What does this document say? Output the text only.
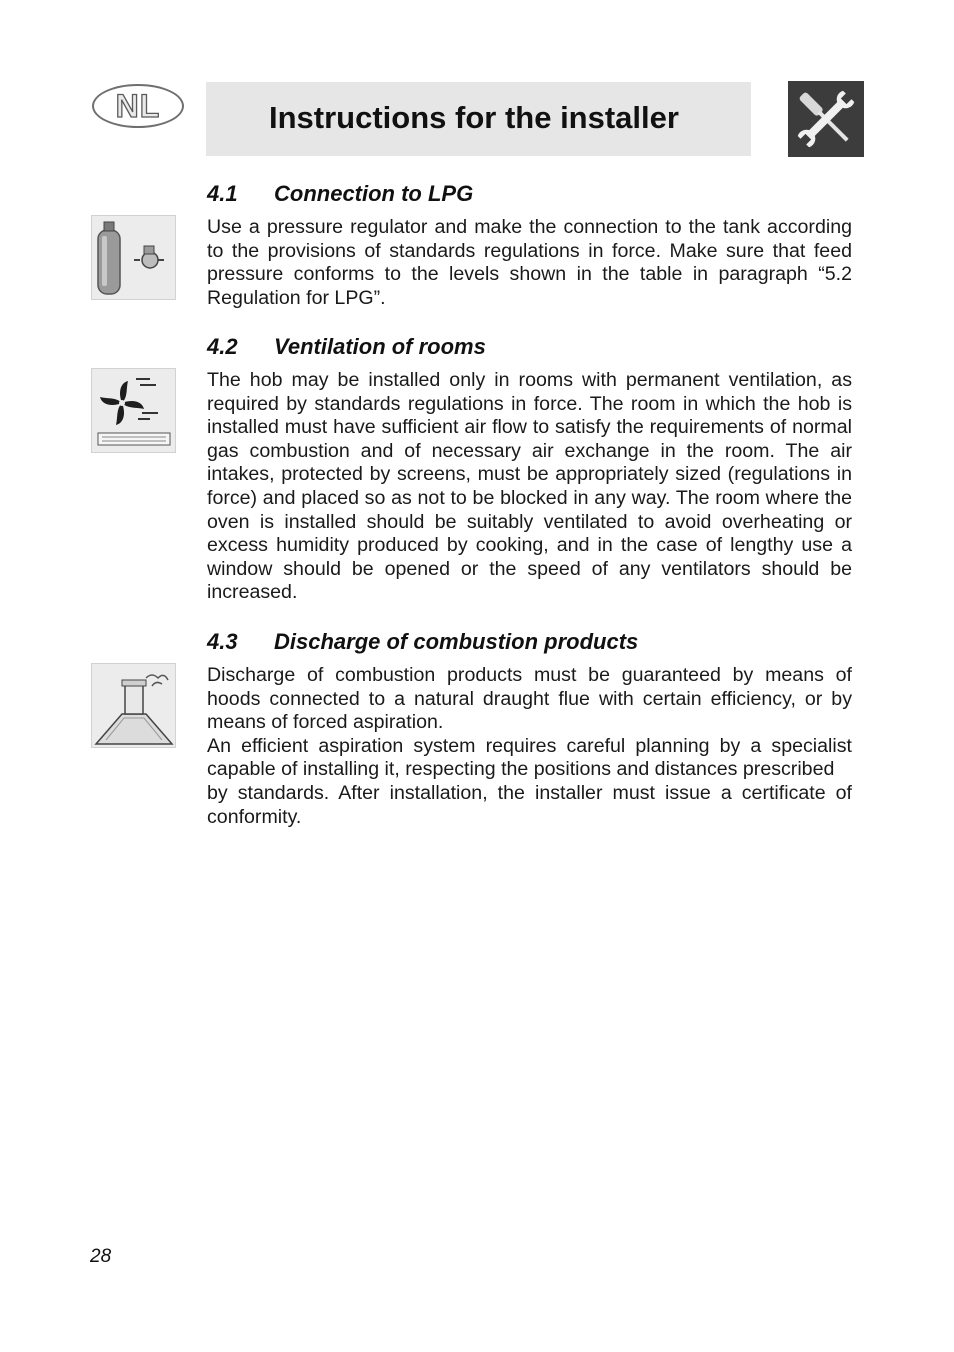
NL	Instructions for the installer
4.1 Connection to LPG

Use a pressure regulator and make the connection to the tank according to the provisions of standards regulations in force. Make sure that feed pressure conforms to the levels shown in the table in paragraph “5.2 Regulation for LPG”.

4.2 Ventilation of rooms

The hob may be installed only in rooms with permanent ventilation, as required by standards regulations in force. The room in which the hob is installed must have sufficient air flow to satisfy the requirements of normal gas combustion and of necessary air exchange in the room. The air intakes, protected by screens, must be appropriately sized (regulations in force) and placed so as not to be blocked in any way. The room where the oven is installed should be suitably ventilated to avoid overheating or excess humidity produced by cooking, and in the case of lengthy use a window should be opened or the speed of any ventilators should be increased.

4.3 Discharge of combustion products

Discharge of combustion products must be guaranteed by means of hoods connected to a natural draught flue with certain efficiency, or by means of forced aspiration.

An efficient aspiration system requires careful planning by a specialist capable of installing it, respecting the positions and distances prescribed

by standards. After installation, the installer must issue a certificate of conformity.

28
